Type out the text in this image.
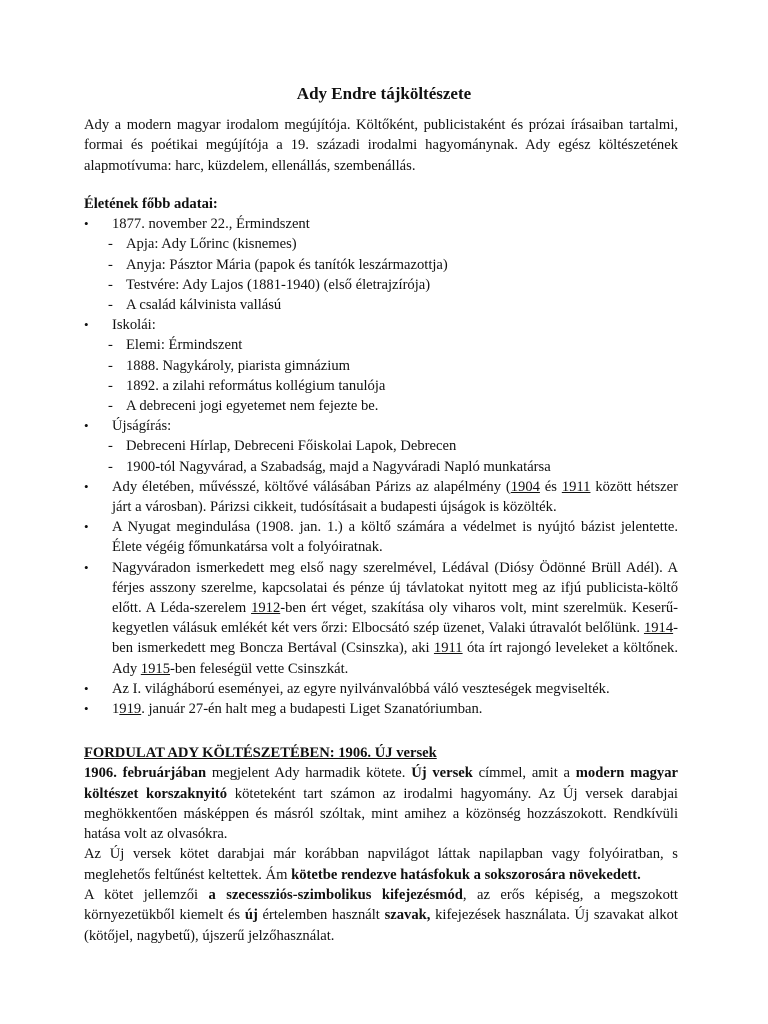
Ady Endre tájköltészete
Ady a modern magyar irodalom megújítója. Költőként, publicistaként és prózai írásaiban tartalmi, formai és poétikai megújítója a 19. századi irodalmi hagyománynak. Ady egész költészetének alapmotívuma: harc, küzdelem, ellenállás, szembenállás.
Életének főbb adatai:
• 1877. november 22., Érmindszent
- Apja: Ady Lőrinc (kisnemes)
- Anyja: Pásztor Mária (papok és tanítók leszármazottja)
- Testvére: Ady Lajos (1881-1940) (első életrajzírója)
- A család kálvinista vallású
• Iskolái:
- Elemi: Érmindszent
- 1888. Nagykároly, piarista gimnázium
- 1892. a zilahi református kollégium tanulója
- A debreceni jogi egyetemet nem fejezte be.
• Újságírás:
- Debreceni Hírlap, Debreceni Főiskolai Lapok, Debrecen
- 1900-tól Nagyvárad, a Szabadság, majd a Nagyváradi Napló munkatársa
• Ady életében, művésszé, költővé válásában Párizs az alapélmény (1904 és 1911 között hétszer járt a városban). Párizsi cikkeit, tudósításait a budapesti újságok is közölték.
• A Nyugat megindulása (1908. jan. 1.) a költő számára a védelmet is nyújtó bázist jelentette. Élete végéig főmunkatársa volt a folyóiratnak.
• Nagyváradon ismerkedett meg első nagy szerelmével, Lédával (Diósy Ödönné Brüll Adél). A férjes asszony szerelme, kapcsolatai és pénze új távlatokat nyitott meg az ifjú publicista-költő előtt. A Léda-szerelem 1912-ben ért véget, szakítása oly viharos volt, mint szerelmük. Keserű-kegyetlen válásuk emlékét két vers őrzi: Elbocsátó szép üzenet, Valaki útravalót belőlünk. 1914-ben ismerkedett meg Boncza Bertával (Csinszka), aki 1911 óta írt rajongó leveleket a költőnek. Ady 1915-ben feleségül vette Csinszkát.
• Az I. világháború eseményei, az egyre nyilvánvalóbbá váló veszteségek megviselték.
• 1919. január 27-én halt meg a budapesti Liget Szanatóriumban.
FORDULAT ADY KÖLTÉSZETÉBEN: 1906. ÚJ versek
1906. februárjában megjelent Ady harmadik kötete. Új versek címmel, amit a modern magyar költészet korszaknyitó köteteként tart számon az irodalmi hagyomány. Az Új versek darabjai meghökkentően másképpen és másról szóltak, mint amihez a közönség hozzászokott. Rendkívüli hatása volt az olvasókra.
Az Új versek kötet darabjai már korábban napvilágot láttak napilapban vagy folyóiratban, s meglehetős feltűnést keltettek. Ám kötetbe rendezve hatásfokuk a sokszorosára növekedett.
A kötet jellemzői a szecessziós-szimbolikus kifejezésmód, az erős képiség, a megszokott környezetükből kiemelt és új értelemben használt szavak, kifejezések használata. Új szavakat alkot (kötőjel, nagybetű), újszerű jelzőhasználat.
